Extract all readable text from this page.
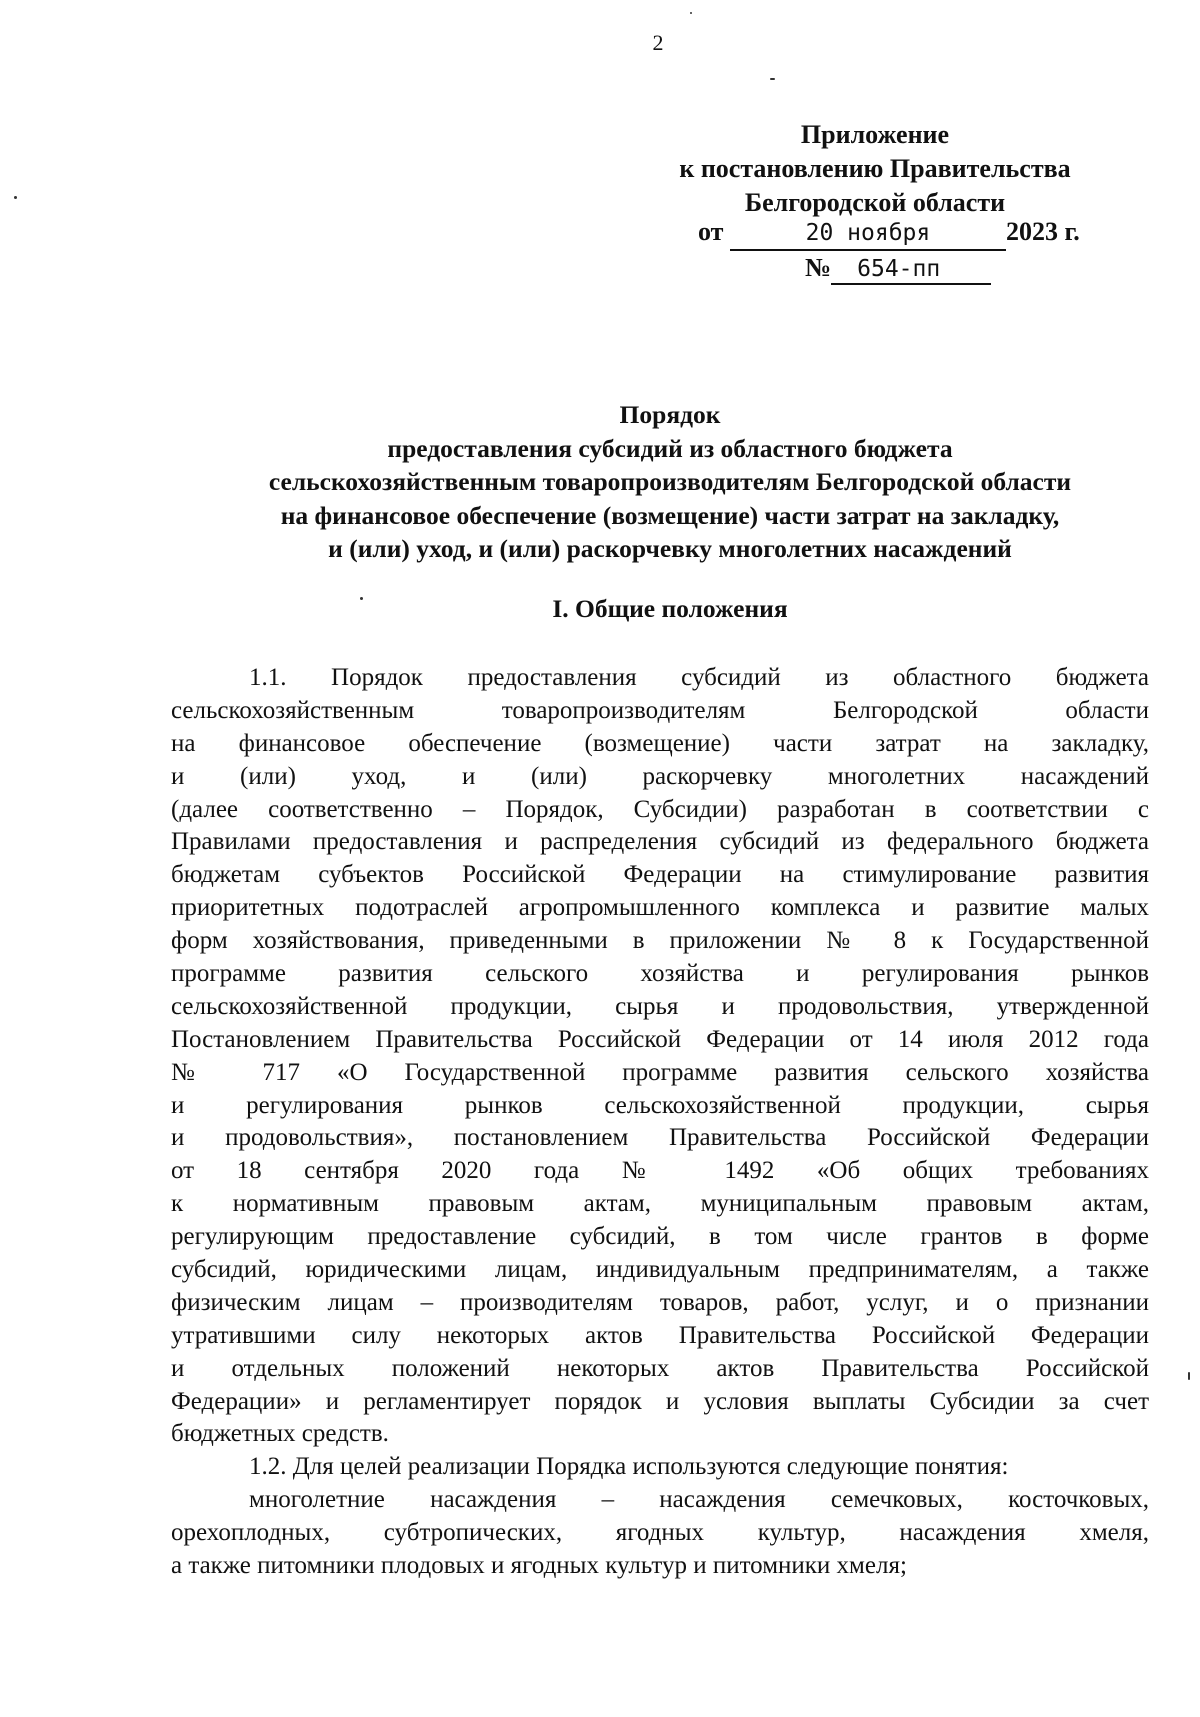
2
Приложение
к постановлению Правительства
Белгородской области
от	20 ноября	2023 г.
№ 654-пп
Порядок
предоставления субсидий из областного бюджета
сельскохозяйственным товаропроизводителям Белгородской области
на финансовое обеспечение (возмещение) части затрат на закладку,
и (или) уход, и (или) раскорчевку многолетних насаждений
I. Общие положения
1.1. Порядок предоставления субсидий из областного бюджета
сельскохозяйственным товаропроизводителям Белгородской области
на финансовое обеспечение (возмещение) части затрат на закладку,
и (или) уход, и (или) раскорчевку многолетних насаждений
(далее соответственно – Порядок, Субсидии) разработан в соответствии с
Правилами предоставления и распределения субсидий из федерального бюджета
бюджетам субъектов Российской Федерации на стимулирование развития
приоритетных подотраслей агропромышленного комплекса и развитие малых
форм хозяйствования, приведенными в приложении № 8 к Государственной
программе развития сельского хозяйства и регулирования рынков
сельскохозяйственной продукции, сырья и продовольствия, утвержденной
Постановлением Правительства Российской Федерации от 14 июля 2012 года
№ 717 «О Государственной программе развития сельского хозяйства
и регулирования рынков сельскохозяйственной продукции, сырья
и продовольствия», постановлением Правительства Российской Федерации
от 18 сентября 2020 года № 1492 «Об общих требованиях
к нормативным правовым актам, муниципальным правовым актам,
регулирующим предоставление субсидий, в том числе грантов в форме
субсидий, юридическими лицам, индивидуальным предпринимателям, а также
физическим лицам – производителям товаров, работ, услуг, и о признании
утратившими силу некоторых актов Правительства Российской Федерации
и отдельных положений некоторых актов Правительства Российской
Федерации» и регламентирует порядок и условия выплаты Субсидии за счет
бюджетных средств.
1.2. Для целей реализации Порядка используются следующие понятия:
многолетние насаждения – насаждения семечковых, косточковых,
орехоплодных, субтропических, ягодных культур, насаждения хмеля,
а также питомники плодовых и ягодных культур и питомники хмеля;
